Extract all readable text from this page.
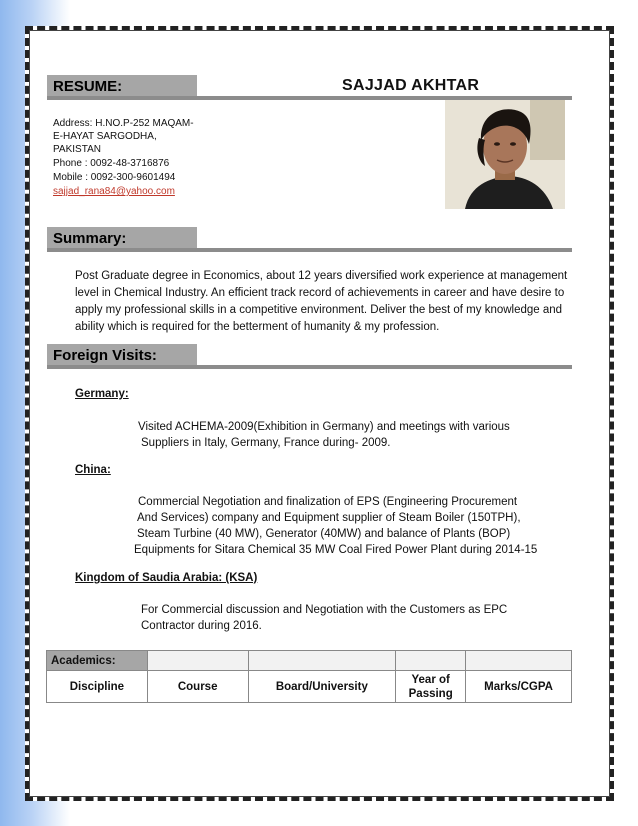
RESUME:	SAJJAD AKHTAR
Address: H.NO.P-252 MAQAM-
E-HAYAT SARGODHA,
PAKISTAN
Phone : 0092-48-3716876
Mobile : 0092-300-9601494
sajjad_rana84@yahoo.com
Summary:
Post Graduate degree in Economics, about 12 years diversified work experience at management
level in Chemical Industry. An efficient track record of achievements in career and have desire to
apply my professional skills in a competitive environment. Deliver the best of my knowledge and
ability which is required for the betterment of humanity & my profession.
Foreign Visits:
Germany:
Visited ACHEMA-2009(Exhibition in Germany) and meetings with various
Suppliers in Italy, Germany, France during- 2009.
China:
Commercial Negotiation and finalization of EPS (Engineering Procurement
And Services) company and Equipment supplier of Steam Boiler (150TPH),
Steam Turbine (40 MW), Generator (40MW) and balance of Plants (BOP)
Equipments for Sitara Chemical 35 MW Coal Fired Power Plant during 2014-15
Kingdom of Saudia Arabia: (KSA)
For Commercial discussion and Negotiation with the Customers as EPC
Contractor during 2016.
Academics:				
Discipline	Course	Board/University	Year of Passing	Marks/CGPA
